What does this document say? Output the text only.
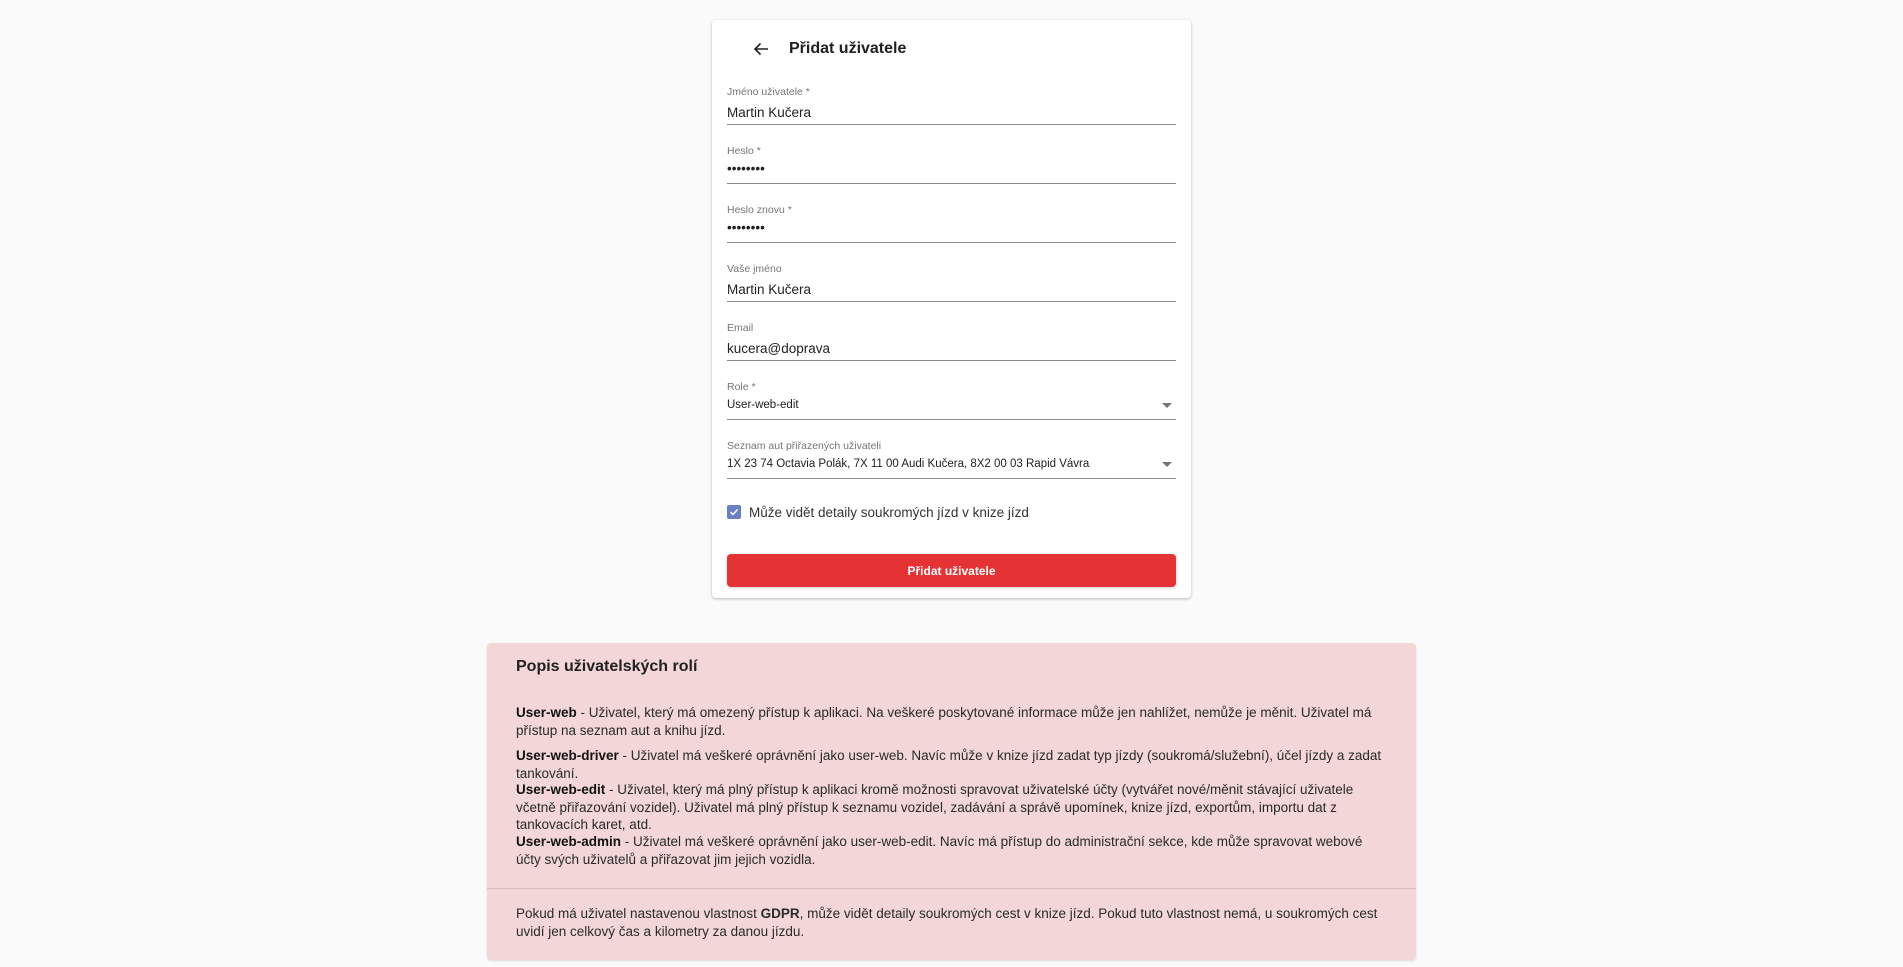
Přidat uživatele
Jméno uživatele *
Martin Kučera
Heslo *
••••••••
Heslo znovu *
••••••••
Vaše jméno
Martin Kučera
Email
kucera@doprava
Role *
User-web-edit
Seznam aut přiřazených uživateli
1X 23 74 Octavia Polák, 7X 11 00 Audi Kučera, 8X2 00 03 Rapid Vávra
Může vidět detaily soukromých jízd v knize jízd
Přidat uživatele
Popis uživatelských rolí
User-web - Uživatel, který má omezený přístup k aplikaci. Na veškeré poskytované informace může jen nahlížet, nemůže je měnit. Uživatel má přístup na seznam aut a knihu jízd.
User-web-driver - Uživatel má veškeré oprávnění jako user-web. Navíc může v knize jízd zadat typ jízdy (soukromá/služební), účel jízdy a zadat tankování.
User-web-edit - Uživatel, který má plný přístup k aplikaci kromě možnosti spravovat uživatelské účty (vytvářet nové/měnit stávající uživatele včetně přiřazování vozidel). Uživatel má plný přístup k seznamu vozidel, zadávání a správě upomínek, knize jízd, exportům, importu dat z tankovacích karet, atd.
User-web-admin - Uživatel má veškeré oprávnění jako user-web-edit. Navíc má přístup do administrační sekce, kde může spravovat webové účty svých uživatelů a přiřazovat jim jejich vozidla.
Pokud má uživatel nastavenou vlastnost GDPR, může vidět detaily soukromých cest v knize jízd. Pokud tuto vlastnost nemá, u soukromých cest uvidí jen celkový čas a kilometry za danou jízdu.
